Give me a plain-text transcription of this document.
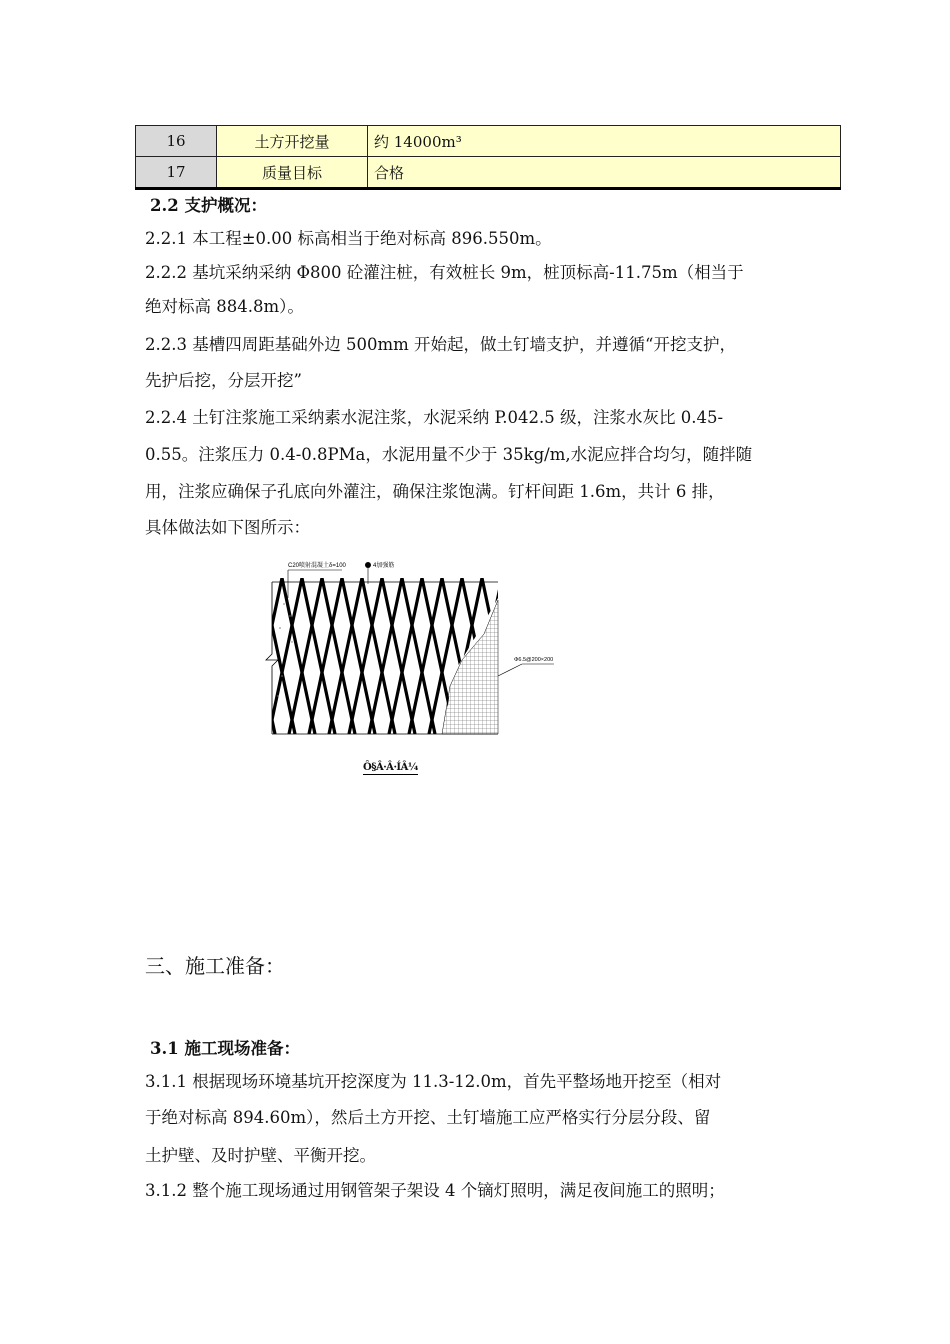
16	土方开挖量	约 14000m³
17	质量目标	合格
2.2 支护概况：
2.2.1 本工程±0.00 标高相当于绝对标高 896.550m。
2.2.2 基坑采纳采纳 Φ800 砼灌注桩，有效桩长 9m，桩顶标高-11.75m（相当于
绝对标高 884.8m）。
2.2.3 基槽四周距基础外边 500mm 开始起，做土钉墙支护，并遵循“开挖支护，
先护后挖，分层开挖”
2.2.4 土钉注浆施工采纳素水泥注浆，水泥采纳 P.042.5 级，注浆水灰比 0.45-
0.55。注浆压力 0.4-0.8PMa，水泥用量不少于 35kg/m,水泥应拌合均匀，随拌随
用，注浆应确保子孔底向外灌注，确保注浆饱满。钉杆间距 1.6m，共计 6 排，
具体做法如下图所示：
C20喷射混凝土δ=100	4加强筋
Φ6.5@200×200
Ô§Â·Â·ÍÂ¼
三、施工准备：
3.1 施工现场准备：
3.1.1 根据现场环境基坑开挖深度为 11.3-12.0m，首先平整场地开挖至（相对
于绝对标高 894.60m），然后土方开挖、土钉墙施工应严格实行分层分段、留
土护壁、及时护壁、平衡开挖。
3.1.2 整个施工现场通过用钢管架子架设 4 个镝灯照明，满足夜间施工的照明；
